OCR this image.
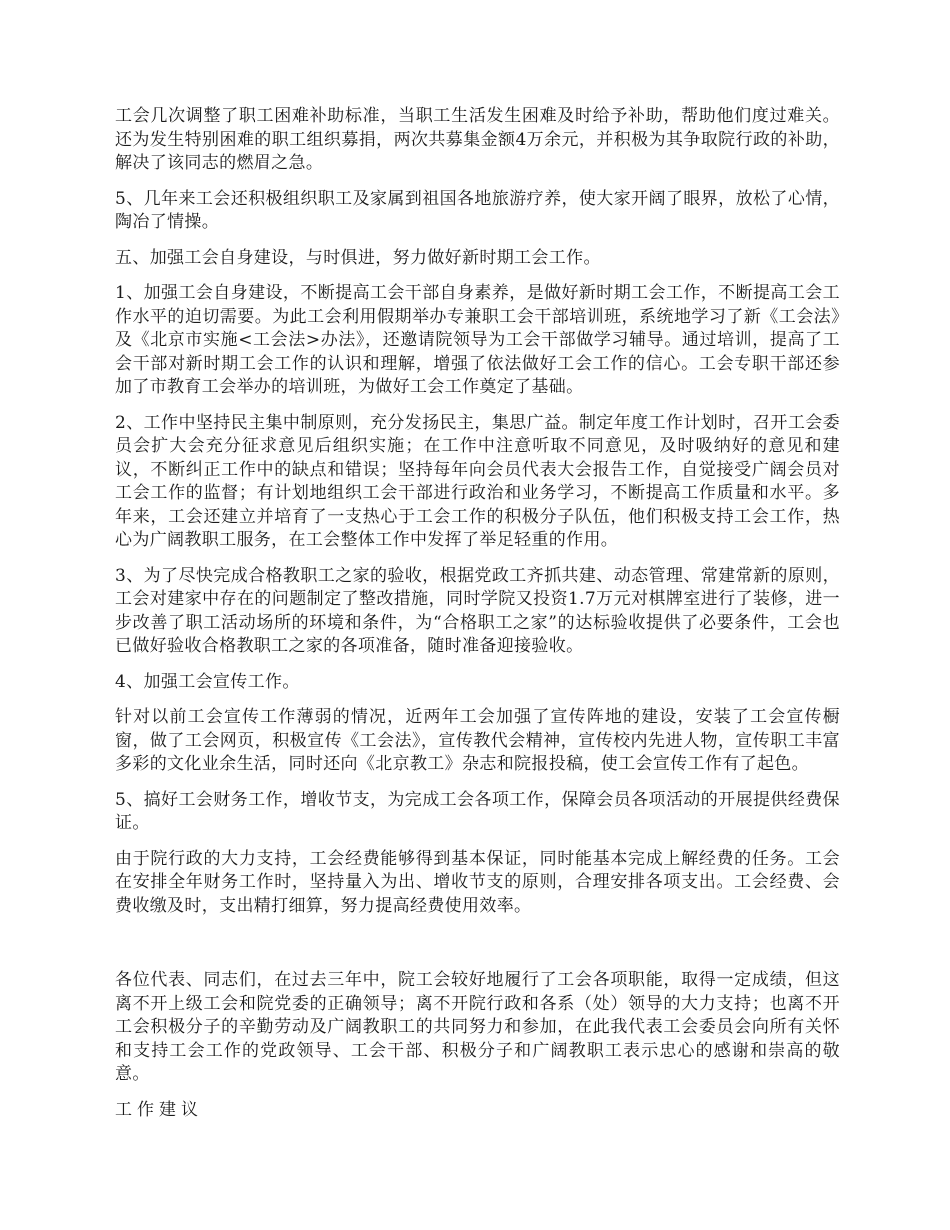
工会几次调整了职工困难补助标准，当职工生活发生困难及时给予补助，帮助他们度过难关。还为发生特别困难的职工组织募捐，两次共募集金额4万余元，并积极为其争取院行政的补助，解决了该同志的燃眉之急。

5、几年来工会还积极组织职工及家属到祖国各地旅游疗养，使大家开阔了眼界，放松了心情，陶冶了情操。

五、加强工会自身建设，与时俱进，努力做好新时期工会工作。

1、加强工会自身建设，不断提高工会干部自身素养，是做好新时期工会工作，不断提高工会工作水平的迫切需要。为此工会利用假期举办专兼职工会干部培训班，系统地学习了新《工会法》及《北京市实施<工会法>办法》，还邀请院领导为工会干部做学习辅导。通过培训，提高了工会干部对新时期工会工作的认识和理解，增强了依法做好工会工作的信心。工会专职干部还参加了市教育工会举办的培训班，为做好工会工作奠定了基础。

2、工作中坚持民主集中制原则，充分发扬民主，集思广益。制定年度工作计划时，召开工会委员会扩大会充分征求意见后组织实施；在工作中注意听取不同意见，及时吸纳好的意见和建议，不断纠正工作中的缺点和错误；坚持每年向会员代表大会报告工作，自觉接受广阔会员对工会工作的监督；有计划地组织工会干部进行政治和业务学习，不断提高工作质量和水平。多年来，工会还建立并培育了一支热心于工会工作的积极分子队伍，他们积极支持工会工作，热心为广阔教职工服务，在工会整体工作中发挥了举足轻重的作用。

3、为了尽快完成合格教职工之家的验收，根据党政工齐抓共建、动态管理、常建常新的原则，工会对建家中存在的问题制定了整改措施，同时学院又投资1.7万元对棋牌室进行了装修，进一步改善了职工活动场所的环境和条件，为“合格职工之家”的达标验收提供了必要条件，工会也已做好验收合格教职工之家的各项准备，随时准备迎接验收。

4、加强工会宣传工作。

针对以前工会宣传工作薄弱的情况，近两年工会加强了宣传阵地的建设，安装了工会宣传橱窗，做了工会网页，积极宣传《工会法》，宣传教代会精神，宣传校内先进人物，宣传职工丰富多彩的文化业余生活，同时还向《北京教工》杂志和院报投稿，使工会宣传工作有了起色。

5、搞好工会财务工作，增收节支，为完成工会各项工作，保障会员各项活动的开展提供经费保证。

由于院行政的大力支持，工会经费能够得到基本保证，同时能基本完成上解经费的任务。工会在安排全年财务工作时，坚持量入为出、增收节支的原则，合理安排各项支出。工会经费、会费收缴及时，支出精打细算，努力提高经费使用效率。

各位代表、同志们，在过去三年中，院工会较好地履行了工会各项职能，取得一定成绩，但这离不开上级工会和院党委的正确领导；离不开院行政和各系（处）领导的大力支持；也离不开工会积极分子的辛勤劳动及广阔教职工的共同努力和参加，在此我代表工会委员会向所有关怀和支持工会工作的党政领导、工会干部、积极分子和广阔教职工表示忠心的感谢和崇高的敬意。

工作建议
